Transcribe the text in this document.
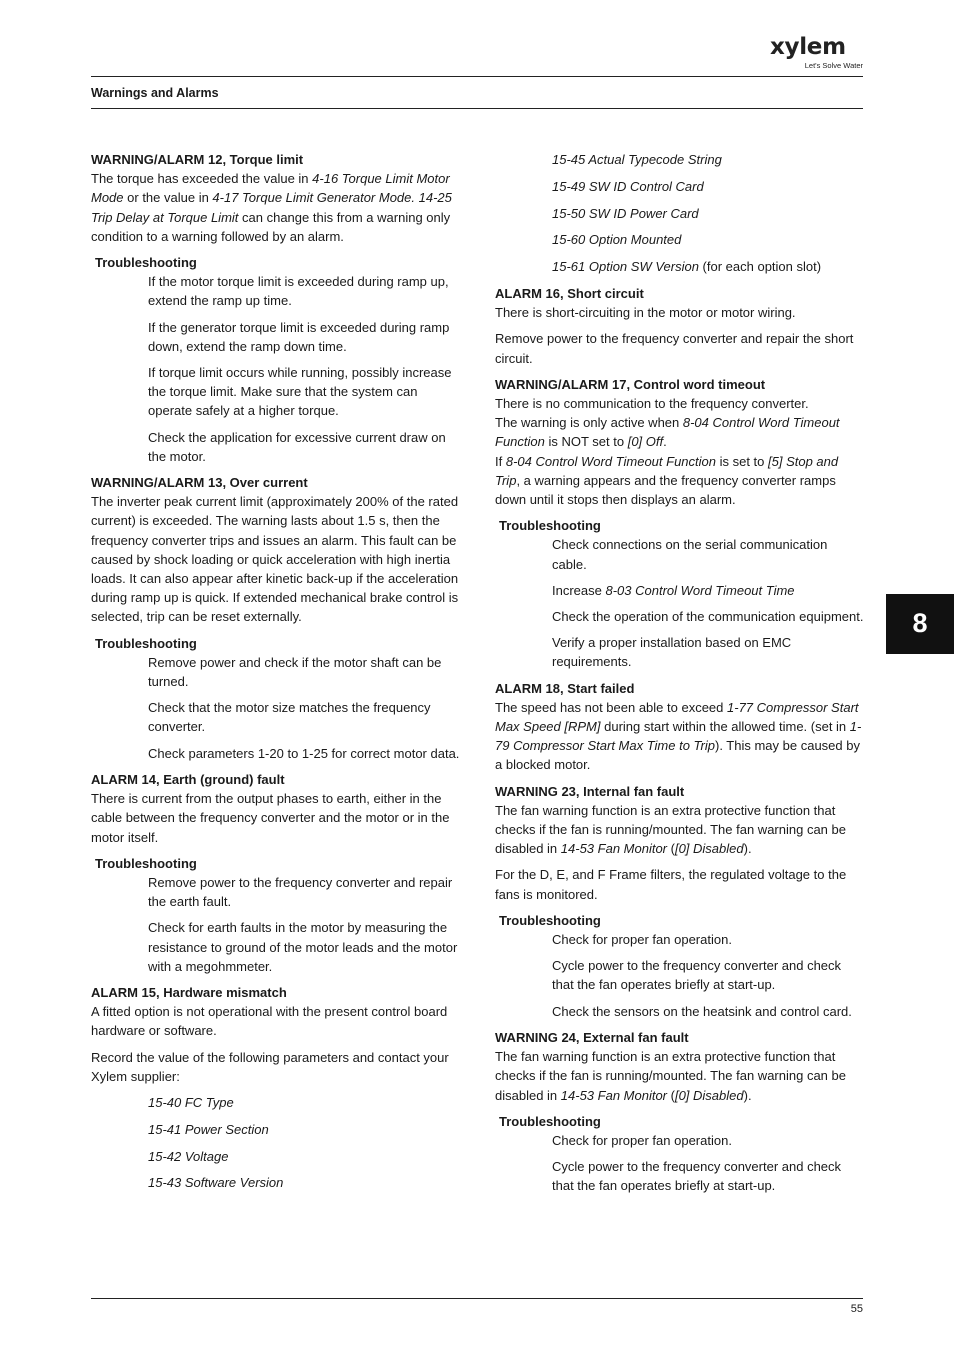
xylem
Let's Solve Water
Warnings and Alarms
WARNING/ALARM 12, Torque limit

The torque has exceeded the value in 4-16 Torque Limit Motor Mode or the value in 4-17 Torque Limit Generator Mode. 14-25 Trip Delay at Torque Limit can change this from a warning only condition to a warning followed by an alarm.

Troubleshooting

If the motor torque limit is exceeded during ramp up, extend the ramp up time.

If the generator torque limit is exceeded during ramp down, extend the ramp down time.

If torque limit occurs while running, possibly increase the torque limit. Make sure that the system can operate safely at a higher torque.

Check the application for excessive current draw on the motor.

WARNING/ALARM 13, Over current

The inverter peak current limit (approximately 200% of the rated current) is exceeded. The warning lasts about 1.5 s, then the frequency converter trips and issues an alarm. This fault can be caused by shock loading or quick acceleration with high inertia loads. It can also appear after kinetic back-up if the acceleration during ramp up is quick. If extended mechanical brake control is selected, trip can be reset externally.

Troubleshooting

Remove power and check if the motor shaft can be turned.

Check that the motor size matches the frequency converter.

Check parameters 1-20 to 1-25 for correct motor data.

ALARM 14, Earth (ground) fault

There is current from the output phases to earth, either in the cable between the frequency converter and the motor or in the motor itself.

Troubleshooting

Remove power to the frequency converter and repair the earth fault.

Check for earth faults in the motor by measuring the resistance to ground of the motor leads and the motor with a megohmmeter.

ALARM 15, Hardware mismatch

A fitted option is not operational with the present control board hardware or software.

Record the value of the following parameters and contact your Xylem supplier:

15-40 FC Type

15-41 Power Section

15-42 Voltage

15-43 Software Version

15-45 Actual Typecode String

15-49 SW ID Control Card

15-50 SW ID Power Card

15-60 Option Mounted

15-61 Option SW Version (for each option slot)

ALARM 16, Short circuit

There is short-circuiting in the motor or motor wiring.

Remove power to the frequency converter and repair the short circuit.

WARNING/ALARM 17, Control word timeout
There is no communication to the frequency converter.
The warning is only active when 8-04 Control Word Timeout Function is NOT set to [0] Off.

If 8-04 Control Word Timeout Function is set to [5] Stop and Trip, a warning appears and the frequency converter ramps down until it stops then displays an alarm.

Troubleshooting

Check connections on the serial communication cable.

Increase 8-03 Control Word Timeout Time

Check the operation of the communication equipment.

Verify a proper installation based on EMC requirements.

ALARM 18, Start failed

The speed has not been able to exceed 1-77 Compressor Start Max Speed [RPM] during start within the allowed time. (set in 1-79 Compressor Start Max Time to Trip). This may be caused by a blocked motor.

WARNING 23, Internal fan fault

The fan warning function is an extra protective function that checks if the fan is running/mounted. The fan warning can be disabled in 14-53 Fan Monitor ([0] Disabled).

For the D, E, and F Frame filters, the regulated voltage to the fans is monitored.

Troubleshooting

Check for proper fan operation.

Cycle power to the frequency converter and check that the fan operates briefly at start-up.

Check the sensors on the heatsink and control card.

WARNING 24, External fan fault

The fan warning function is an extra protective function that checks if the fan is running/mounted. The fan warning can be disabled in 14-53 Fan Monitor ([0] Disabled).

Troubleshooting

Check for proper fan operation.

Cycle power to the frequency converter and check that the fan operates briefly at start-up.

8
55
